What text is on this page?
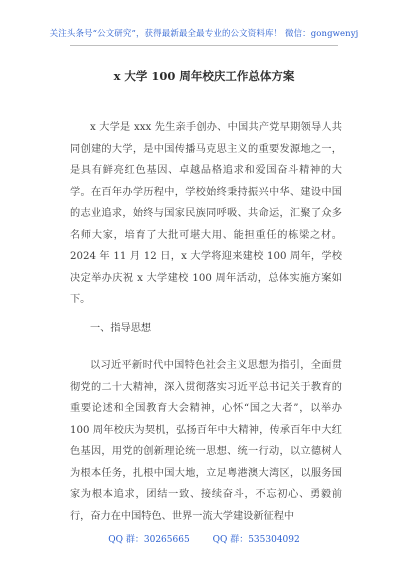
关注头条号“公文研究”，获得最新最全最专业的公文资料库！ 微信：gongwenyj
x 大学 100 周年校庆工作总体方案
x 大学是 xxx 先生亲手创办、中国共产党早期领导人共同创建的大学，是中国传播马克思主义的重要发源地之一，是具有鲜亮红色基因、卓越品格追求和爱国奋斗精神的大学。在百年办学历程中，学校始终秉持振兴中华、建设中国的志业追求，始终与国家民族同呼吸、共命运，汇聚了众多名师大家，培育了大批可堪大用、能担重任的栋梁之材。2024 年 11 月 12 日，x 大学将迎来建校 100 周年，学校决定举办庆祝 x 大学建校 100 周年活动，总体实施方案如下。
一、指导思想
以习近平新时代中国特色社会主义思想为指引，全面贯彻党的二十大精神，深入贯彻落实习近平总书记关于教育的重要论述和全国教育大会精神，心怀“国之大者”，以举办 100 周年校庆为契机，弘扬百年中大精神，传承百年中大红色基因，用党的创新理论统一思想、统一行动，以立德树人为根本任务，扎根中国大地，立足粤港澳大湾区，以服务国家为根本追求，团结一致、接续奋斗，不忘初心、勇毅前行，奋力在中国特色、世界一流大学建设新征程中
QQ 群：30265665	QQ 群：535304092
